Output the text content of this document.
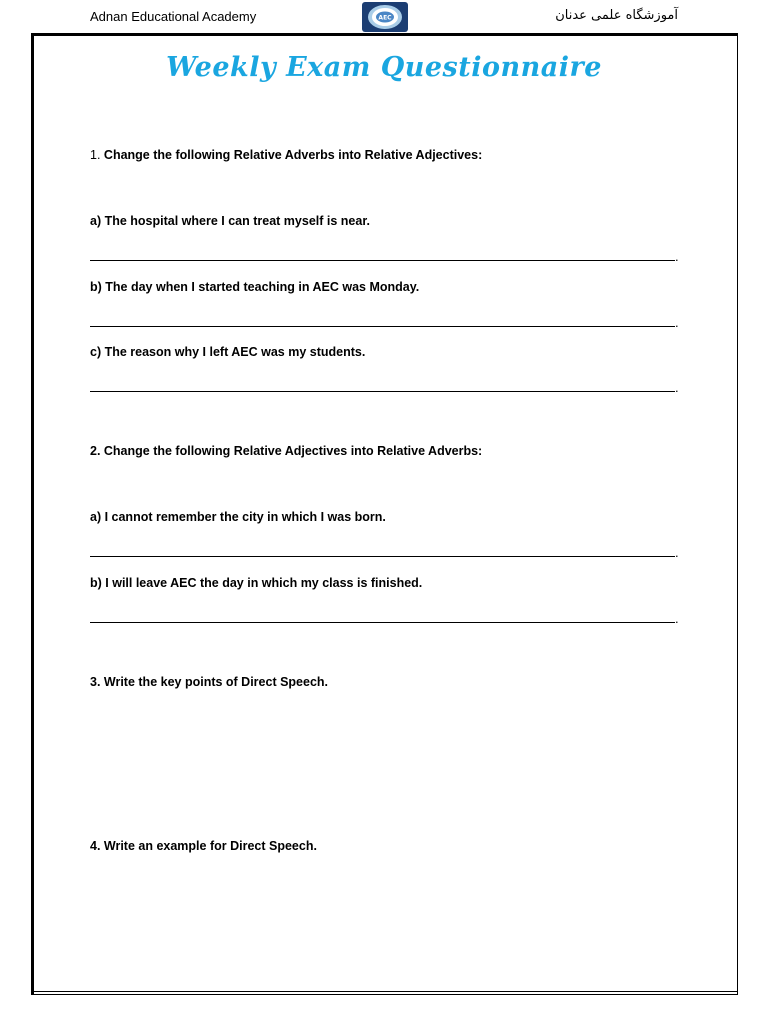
Adnan Educational Academy	AEC	آموزشگاه علمی عدنان
Weekly Exam Questionnaire
1. Change the following Relative Adverbs into Relative Adjectives:
a) The hospital where I can treat myself is near.
.
b) The day when I started teaching in AEC was Monday.
.
c) The reason why I left AEC was my students.
.
2. Change the following Relative Adjectives into Relative Adverbs:
a) I cannot remember the city in which I was born.
.
b) I will leave AEC the day in which my class is finished.
.
3. Write the key points of Direct Speech.
4. Write an example for Direct Speech.
